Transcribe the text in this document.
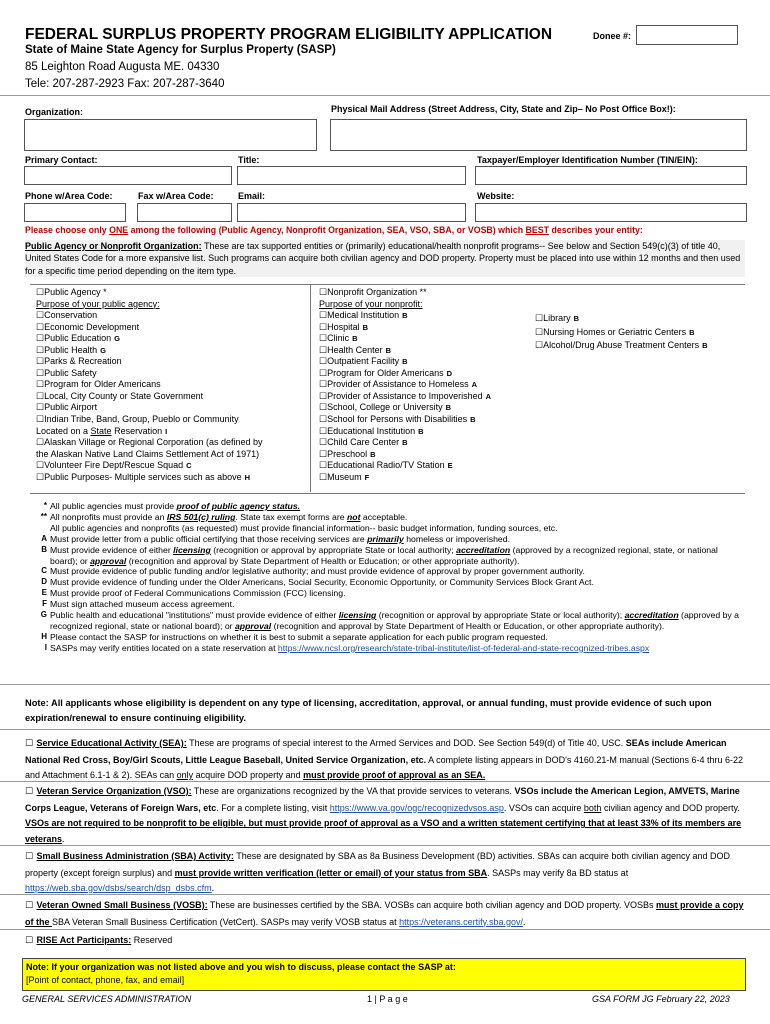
FEDERAL SURPLUS PROPERTY PROGRAM ELIGIBILITY APPLICATION	Donee #:
State of Maine State Agency for Surplus Property (SASP)
85 Leighton Road Augusta ME. 04330
Tele: 207-287-2923 Fax: 207-287-3640
Organization:	Physical Mail Address (Street Address, City, State and Zip– No Post Office Box!):
Primary Contact:	Title:	Taxpayer/Employer Identification Number (TIN/EIN):
Phone w/Area Code:	Fax w/Area Code:	Email:	Website:
Please choose only ONE among the following (Public Agency, Nonprofit Organization, SEA, VSO, SBA, or VOSB) which BEST describes your entity:
Public Agency or Nonprofit Organization: These are tax supported entities or (primarily) educational/health nonprofit programs-- See below and Section 549(c)(3) of title 40, United States Code for a more expansive list. Such programs can acquire both civilian agency and DOD property. Property must be placed into use within 12 months and then used for a specific time period depending on the item type.
☐Public Agency *
Purpose of your public agency:
☐Conservation
☐Economic Development
☐Public Education G
☐Public Health G
☐Parks & Recreation
☐Public Safety
☐Program for Older Americans
☐Local, City County or State Government
☐Public Airport
☐Indian Tribe, Band, Group, Pueblo or Community
Located on a State Reservation I
☐Alaskan Village or Regional Corporation (as defined by
the Alaskan Native Land Claims Settlement Act of 1971)
☐Volunteer Fire Dept/Rescue Squad C
☐Public Purposes- Multiple services such as above H
☐Nonprofit Organization **
Purpose of your nonprofit:
☐Medical Institution B
☐Hospital B
☐Clinic B
☐Health Center B
☐Outpatient Facility B
☐Program for Older Americans D
☐Provider of Assistance to Homeless A
☐Provider of Assistance to Impoverished A
☐School, College or University B
☐School for Persons with Disabilities B
☐Educational Institution B
☐Child Care Center B
☐Preschool B
☐Educational Radio/TV Station E
☐Museum F
☐Library B
☐Nursing Homes or Geriatric Centers B
☐Alcohol/Drug Abuse Treatment Centers B
* All public agencies must provide proof of public agency status.
** All nonprofits must provide an IRS 501(c) ruling. State tax exempt forms are not acceptable.
All public agencies and nonprofits (as requested) must provide financial information-- basic budget information, funding sources, etc.
A Must provide letter from a public official certifying that those receiving services are primarily homeless or impoverished.
B Must provide evidence of either licensing (recognition or approval by appropriate State or local authority; accreditation (approved by a recognized regional, state, or national board); or approval (recognition and approval by State Department of Health or Education; or other appropriate authority).
C Must provide evidence of public funding and/or legislative authority; and must provide evidence of approval by proper government authority.
D Must provide evidence of funding under the Older Americans, Social Security, Economic Opportunity, or Community Services Block Grant Act.
E Must provide proof of Federal Communications Commission (FCC) licensing.
F Must sign attached museum access agreement.
G Public health and educational "institutions" must provide evidence of either licensing (recognition or approval by appropriate State or local authority); accreditation (approved by a recognized regional, state or national board); or approval (recognition and approval by State Department of Health or Education, or other appropriate authority).
H Please contact the SASP for instructions on whether it is best to submit a separate application for each public program requested.
I SASPs may verify entities located on a state reservation at https://www.ncsl.org/research/state-tribal-institute/list-of-federal-and-state-recognized-tribes.aspx
Note: All applicants whose eligibility is dependent on any type of licensing, accreditation, approval, or annual funding, must provide evidence of such upon expiration/renewal to ensure continuing eligibility.
☐ Service Educational Activity (SEA): These are programs of special interest to the Armed Services and DOD. See Section 549(d) of Title 40, USC. SEAs include American National Red Cross, Boy/Girl Scouts, Little League Baseball, United Service Organization, etc. A complete listing appears in DOD's 4160.21-M manual (Sections 6-4 thru 6-22 and Attachment 6.1-1 & 2). SEAs can only acquire DOD property and must provide proof of approval as an SEA.
☐ Veteran Service Organization (VSO): These are organizations recognized by the VA that provide services to veterans. VSOs include the American Legion, AMVETS, Marine Corps League, Veterans of Foreign Wars, etc. For a complete listing, visit https://www.va.gov/ogc/recognizedvsos.asp. VSOs can acquire both civilian agency and DOD property. VSOs are not required to be nonprofit to be eligible, but must provide proof of approval as a VSO and a written statement certifying that at least 33% of its members are veterans.
☐ Small Business Administration (SBA) Activity: These are designated by SBA as 8a Business Development (BD) activities. SBAs can acquire both civilian agency and DOD property (except foreign surplus) and must provide written verification (letter or email) of your status from SBA. SASPs may verify 8a BD status at https://web.sba.gov/dsbs/search/dsp_dsbs.cfm.
☐ Veteran Owned Small Business (VOSB): These are businesses certified by the SBA. VOSBs can acquire both civilian agency and DOD property. VOSBs must provide a copy of the SBA Veteran Small Business Certification (VetCert). SASPs may verify VOSB status at https://veterans.certify.sba.gov/.
☐ RISE Act Participants: Reserved
Note: If your organization was not listed above and you wish to discuss, please contact the SASP at:
[Point of contact, phone, fax, and email]
GENERAL SERVICES ADMINISTRATION	1 | P a g e	GSA FORM JG February 22, 2023
